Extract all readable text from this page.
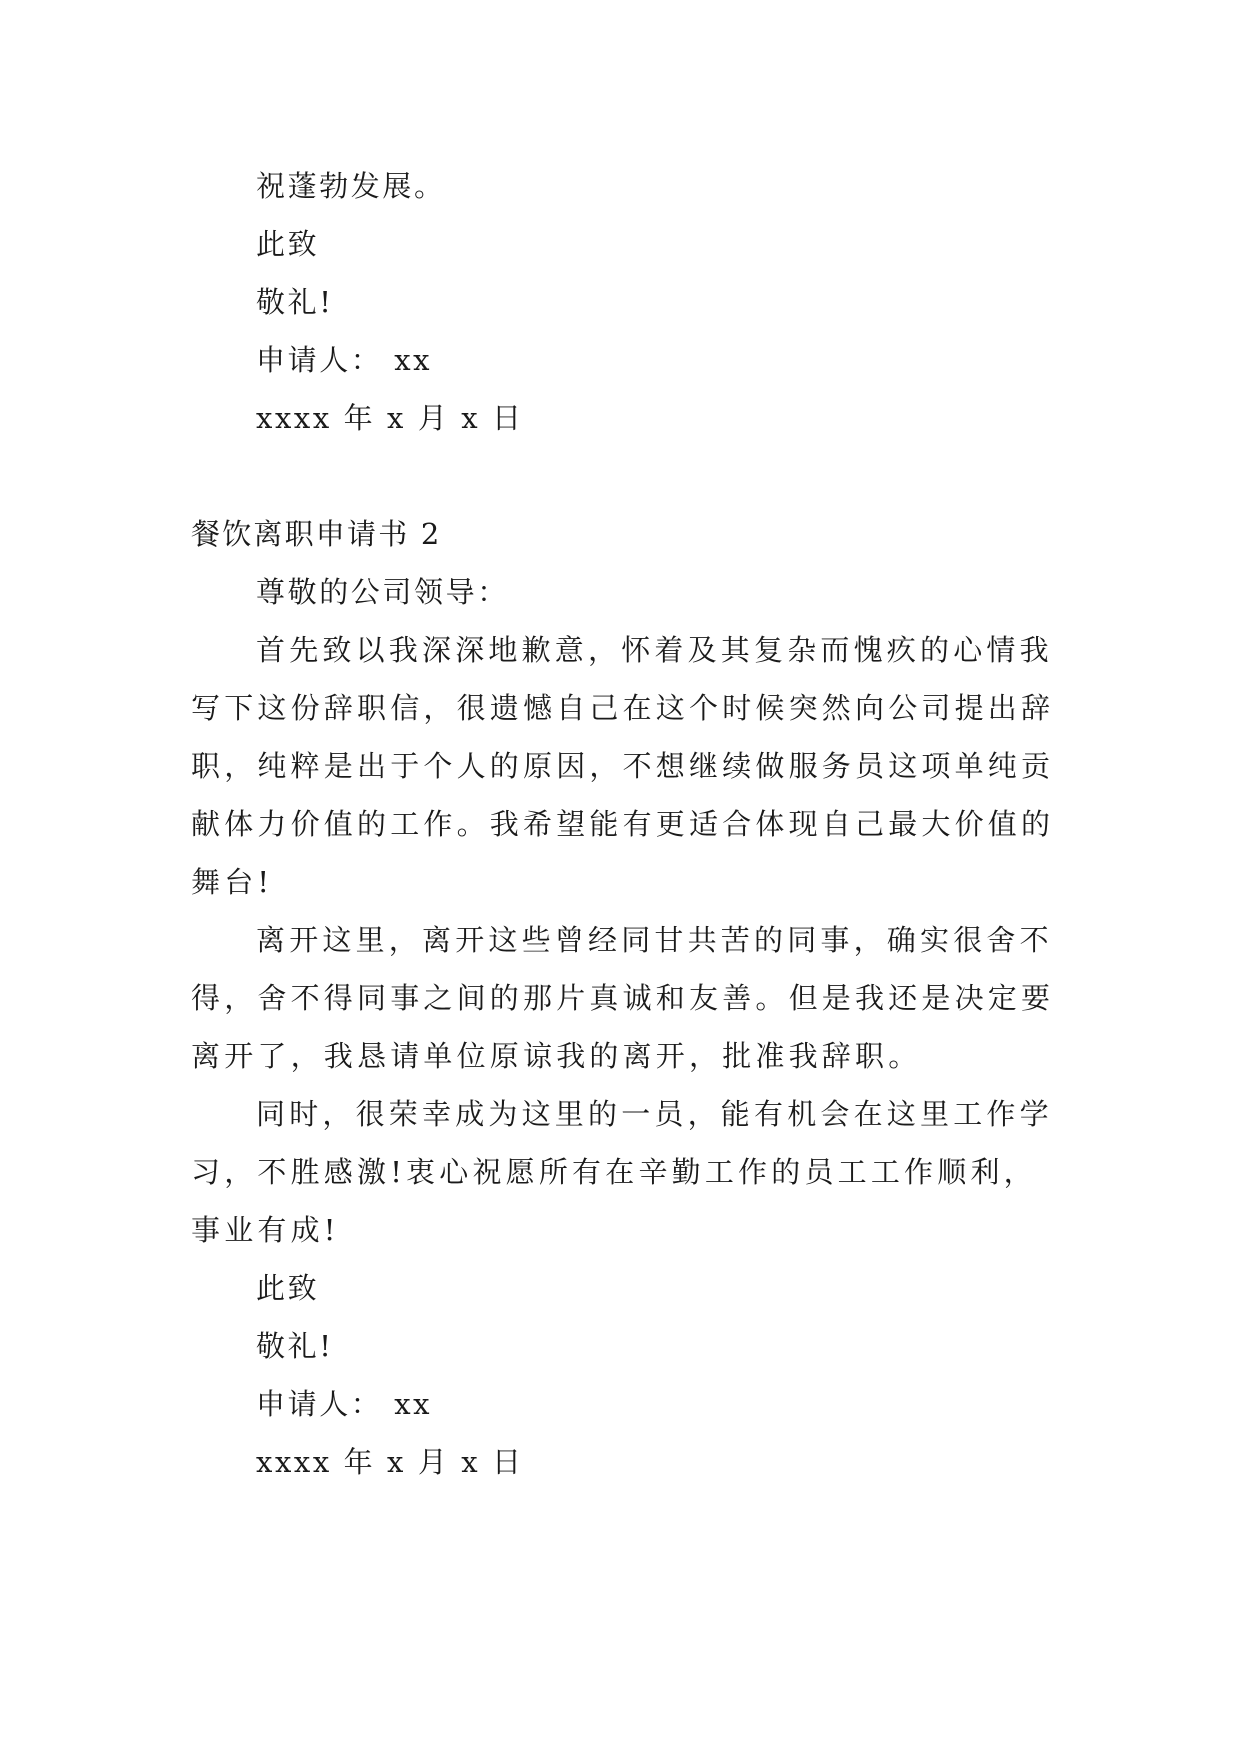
祝蓬勃发展。
此致
敬礼!
申请人： xx
xxxx 年 x 月 x 日
餐饮离职申请书 2
尊敬的公司领导：
首先致以我深深地歉意，怀着及其复杂而愧疚的心情我
写下这份辞职信，很遗憾自己在这个时候突然向公司提出辞
职，纯粹是出于个人的原因，不想继续做服务员这项单纯贡
献体力价值的工作。我希望能有更适合体现自己最大价值的
舞台!
离开这里，离开这些曾经同甘共苦的同事，确实很舍不
得，舍不得同事之间的那片真诚和友善。但是我还是决定要
离开了，我恳请单位原谅我的离开，批准我辞职。
同时，很荣幸成为这里的一员，能有机会在这里工作学
习，不胜感激!衷心祝愿所有在辛勤工作的员工工作顺利，
事业有成!
此致
敬礼!
申请人： xx
xxxx 年 x 月 x 日
